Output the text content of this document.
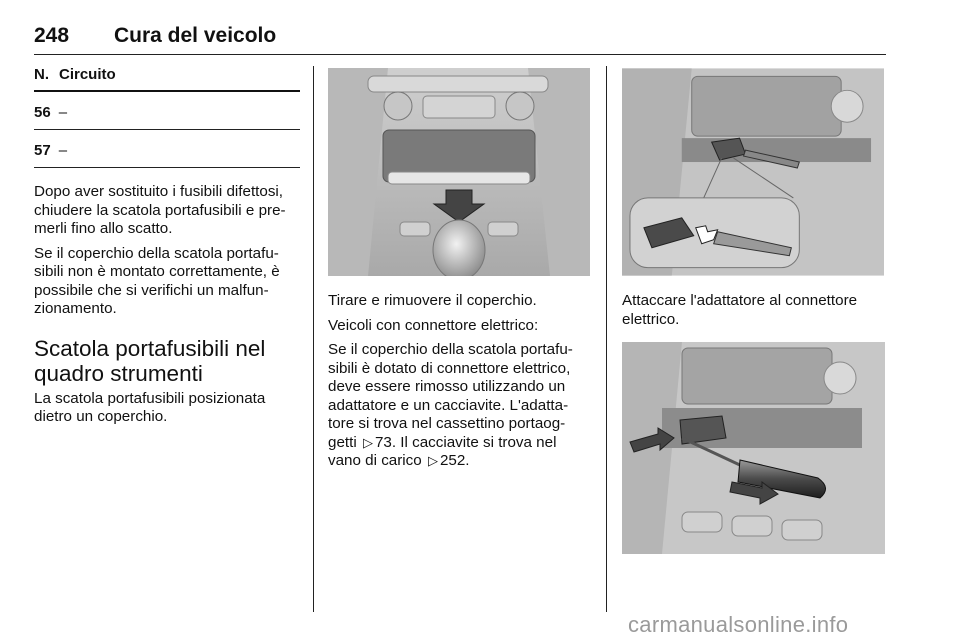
248 Cura del veicolo
N. Circuito
56 –
57 –

Dopo aver sostituito i fusibili difettosi, chiudere la scatola portafusibili e pre-merli fino allo scatto.

Se il coperchio della scatola portafu-sibili non è montato correttamente, è possibile che si verifichi un malfun-zionamento.

Scatola portafusibili nel quadro strumenti

La scatola portafusibili posizionata dietro un coperchio.

Tirare e rimuovere il coperchio.

Veicoli con connettore elettrico:

Se il coperchio della scatola portafu-sibili è dotato di connettore elettrico, deve essere rimosso utilizzando un adattatore e un cacciavite. L'adatta-tore si trova nel cassettino portaog-getti ▷ 73. Il cacciavite si trova nel vano di carico ▷ 252.

Attaccare l'adattatore al connettore elettrico.

carmanualsonline.info
